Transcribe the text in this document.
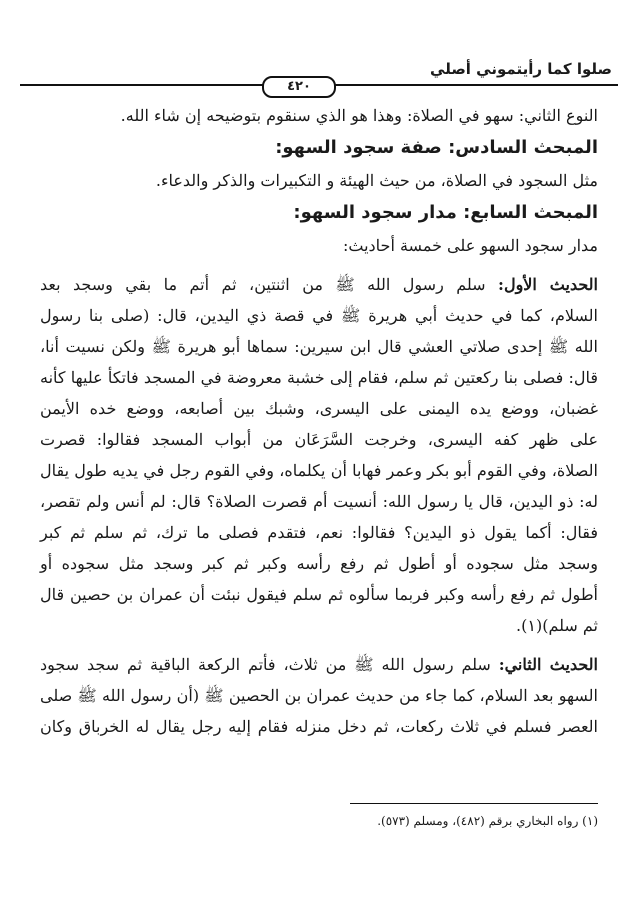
صلوا كما رأيتموني أصلي
٤٢٠
النوع الثاني: سهو في الصلاة: وهذا هو الذي سنقوم بتوضيحه إن شاء الله.
المبحث السادس: صفة سجود السهو:
مثل السجود في الصلاة، من حيث الهيئة و التكبيرات والذكر والدعاء.
المبحث السابع: مدار سجود السهو:
مدار سجود السهو على خمسة أحاديث:
الحديث الأول: سلم رسول الله ﷺ من اثنتين، ثم أتم ما بقي وسجد بعد
السلام، كما في حديث أبي هريرة ﷺ في قصة ذي اليدين، قال: (صلى بنا رسول
الله ﷺ إحدى صلاتي العشي قال ابن سيرين: سماها أبو هريرة ﷺ ولكن نسيت أنا،
قال: فصلى بنا ركعتين ثم سلم، فقام إلى خشبة معروضة في المسجد فاتكأ عليها كأنه
غضبان، ووضع يده اليمنى على اليسرى، وشبك بين أصابعه، ووضع خده الأيمن
على ظهر كفه اليسرى، وخرجت السَّرَعَان من أبواب المسجد فقالوا: قصرت
الصلاة، وفي القوم أبو بكر وعمر فهابا أن يكلماه، وفي القوم رجل في يديه طول يقال
له: ذو اليدين، قال يا رسول الله: أنسيت أم قصرت الصلاة؟ قال: لم أنس ولم تقصر،
فقال: أكما يقول ذو اليدين؟ فقالوا: نعم، فتقدم فصلى ما ترك، ثم سلم ثم كبر
وسجد مثل سجوده أو أطول ثم رفع رأسه وكبر ثم كبر وسجد مثل سجوده أو
أطول ثم رفع رأسه وكبر فربما سألوه ثم سلم فيقول نبئت أن عمران بن حصين قال
ثم سلم)(١).
الحديث الثاني: سلم رسول الله ﷺ من ثلاث، فأتم الركعة الباقية ثم سجد سجود
السهو بعد السلام، كما جاء من حديث عمران بن الحصين ﷺ (أن رسول الله ﷺ صلى
العصر فسلم في ثلاث ركعات، ثم دخل منزله فقام إليه رجل يقال له الخرباق وكان
(١) رواه البخاري برقم (٤٨٢)، ومسلم (٥٧٣).
